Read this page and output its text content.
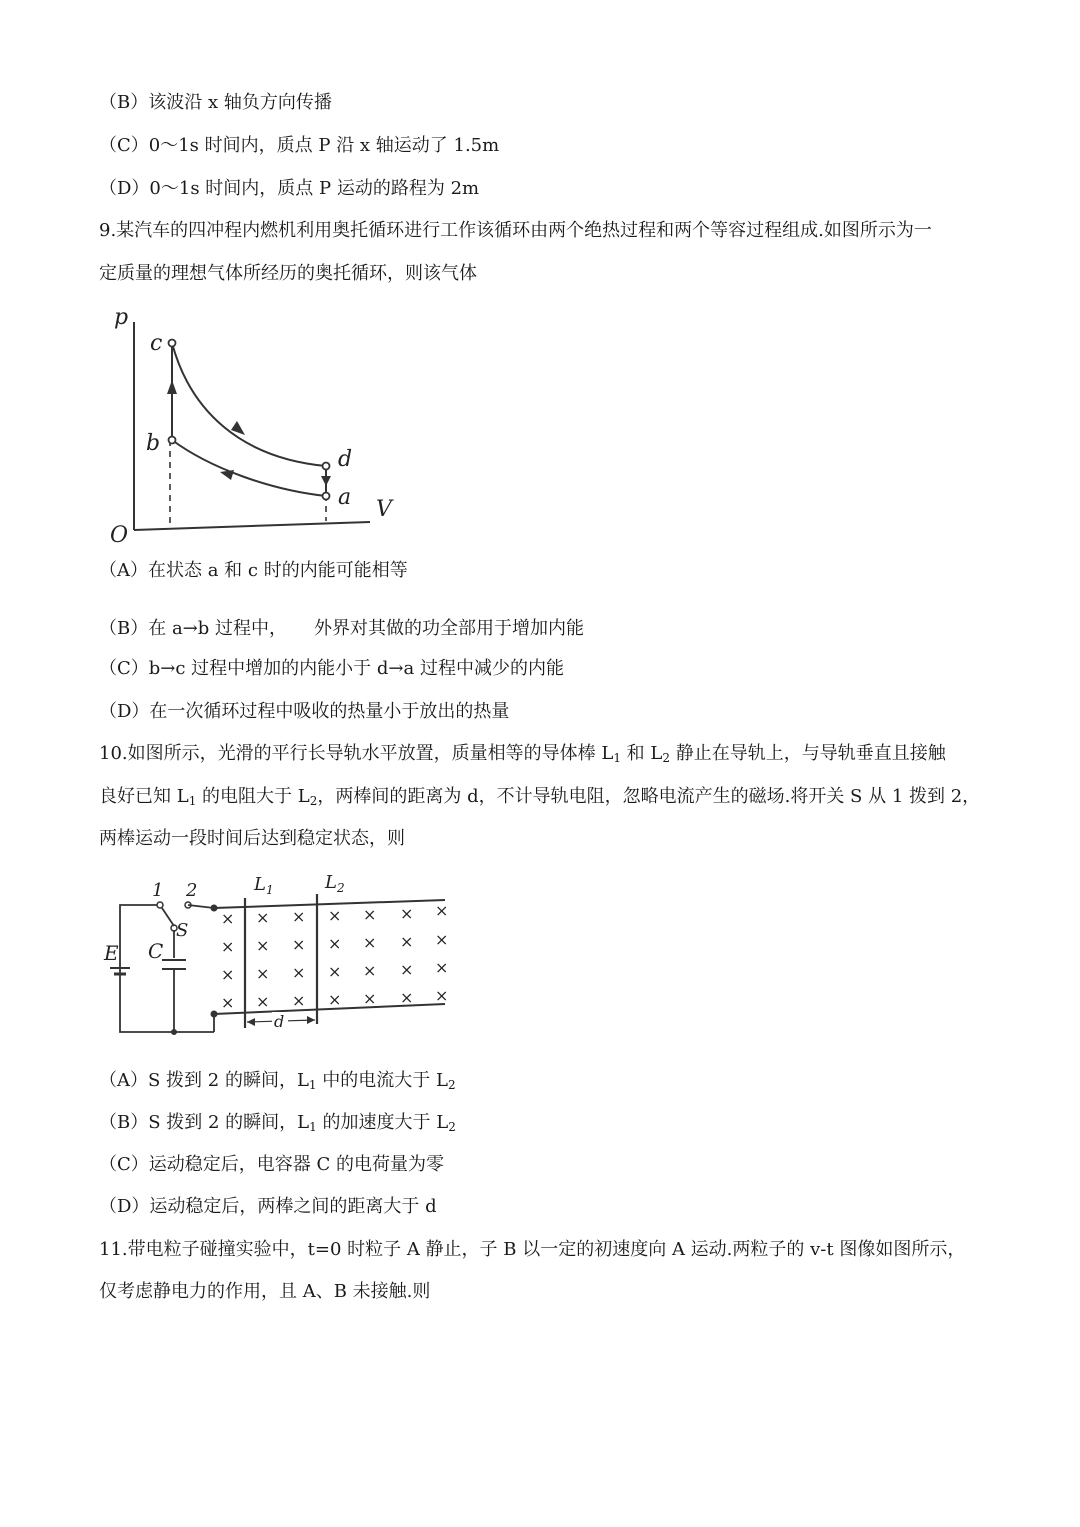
（B）该波沿 x 轴负方向传播
（C）0～1s 时间内，质点 P 沿 x 轴运动了 1.5m
（D）0～1s 时间内，质点 P 运动的路程为 2m
9.某汽车的四冲程内燃机利用奥托循环进行工作该循环由两个绝热过程和两个等容过程组成.如图所示为一
定质量的理想气体所经历的奥托循环，则该气体
p
V
O
c
b
d
a
（A）在状态 a 和 c 时的内能可能相等
（B）在 a→b 过程中，　　外界对其做的功全部用于增加内能
（C）b→c 过程中增加的内能小于 d→a 过程中减少的内能
（D）在一次循环过程中吸收的热量小于放出的热量
10.如图所示，光滑的平行长导轨水平放置，质量相等的导体棒 $L_1$ 和 $L_2$ 静止在导轨上，与导轨垂直且接触
良好已知 $L_1$ 的电阻大于 $L_2$，两棒间的距离为 d，不计导轨电阻，忽略电流产生的磁场.将开关 S 从 1 拨到 2，
两棒运动一段时间后达到稳定状态，则
1 2
S
E C
$L_1$	$L_2$
d
× × × × × × ×
× × × × × × ×
× × × × × × ×
× × × × × × ×
（A）S 拨到 2 的瞬间，$L_1$ 中的电流大于 $L_2$
（B）S 拨到 2 的瞬间，$L_1$ 的加速度大于 $L_2$
（C）运动稳定后，电容器 C 的电荷量为零
（D）运动稳定后，两棒之间的距离大于 d
11.带电粒子碰撞实验中，t=0 时粒子 A 静止，子 B 以一定的初速度向 A 运动.两粒子的 v-t 图像如图所示，
仅考虑静电力的作用，且 A、B 未接触.则
